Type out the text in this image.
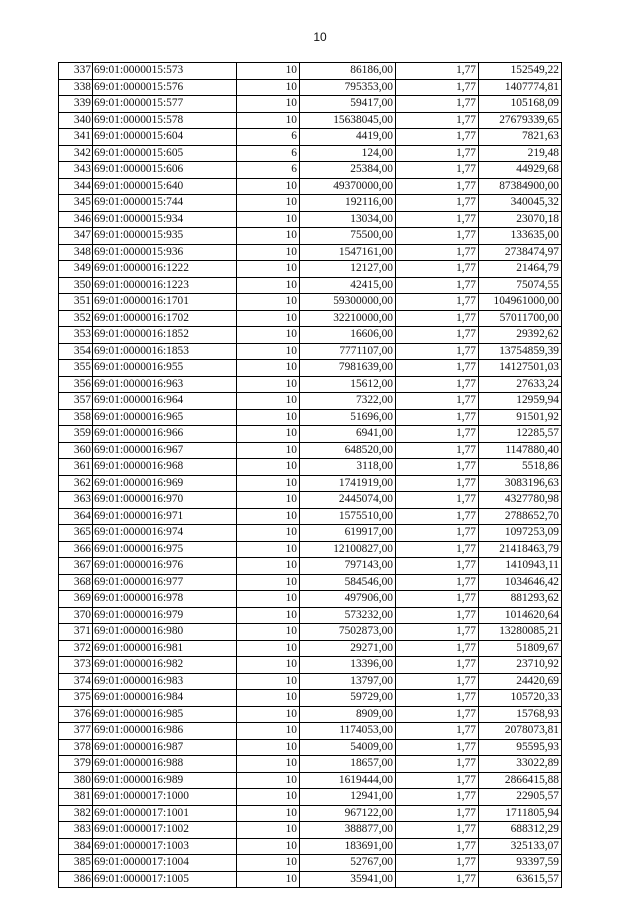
10
337	69:01:0000015:573	10	86186,00	1,77	152549,22
338	69:01:0000015:576	10	795353,00	1,77	1407774,81
339	69:01:0000015:577	10	59417,00	1,77	105168,09
340	69:01:0000015:578	10	15638045,00	1,77	27679339,65
341	69:01:0000015:604	6	4419,00	1,77	7821,63
342	69:01:0000015:605	6	124,00	1,77	219,48
343	69:01:0000015:606	6	25384,00	1,77	44929,68
344	69:01:0000015:640	10	49370000,00	1,77	87384900,00
345	69:01:0000015:744	10	192116,00	1,77	340045,32
346	69:01:0000015:934	10	13034,00	1,77	23070,18
347	69:01:0000015:935	10	75500,00	1,77	133635,00
348	69:01:0000015:936	10	1547161,00	1,77	2738474,97
349	69:01:0000016:1222	10	12127,00	1,77	21464,79
350	69:01:0000016:1223	10	42415,00	1,77	75074,55
351	69:01:0000016:1701	10	59300000,00	1,77	104961000,00
352	69:01:0000016:1702	10	32210000,00	1,77	57011700,00
353	69:01:0000016:1852	10	16606,00	1,77	29392,62
354	69:01:0000016:1853	10	7771107,00	1,77	13754859,39
355	69:01:0000016:955	10	7981639,00	1,77	14127501,03
356	69:01:0000016:963	10	15612,00	1,77	27633,24
357	69:01:0000016:964	10	7322,00	1,77	12959,94
358	69:01:0000016:965	10	51696,00	1,77	91501,92
359	69:01:0000016:966	10	6941,00	1,77	12285,57
360	69:01:0000016:967	10	648520,00	1,77	1147880,40
361	69:01:0000016:968	10	3118,00	1,77	5518,86
362	69:01:0000016:969	10	1741919,00	1,77	3083196,63
363	69:01:0000016:970	10	2445074,00	1,77	4327780,98
364	69:01:0000016:971	10	1575510,00	1,77	2788652,70
365	69:01:0000016:974	10	619917,00	1,77	1097253,09
366	69:01:0000016:975	10	12100827,00	1,77	21418463,79
367	69:01:0000016:976	10	797143,00	1,77	1410943,11
368	69:01:0000016:977	10	584546,00	1,77	1034646,42
369	69:01:0000016:978	10	497906,00	1,77	881293,62
370	69:01:0000016:979	10	573232,00	1,77	1014620,64
371	69:01:0000016:980	10	7502873,00	1,77	13280085,21
372	69:01:0000016:981	10	29271,00	1,77	51809,67
373	69:01:0000016:982	10	13396,00	1,77	23710,92
374	69:01:0000016:983	10	13797,00	1,77	24420,69
375	69:01:0000016:984	10	59729,00	1,77	105720,33
376	69:01:0000016:985	10	8909,00	1,77	15768,93
377	69:01:0000016:986	10	1174053,00	1,77	2078073,81
378	69:01:0000016:987	10	54009,00	1,77	95595,93
379	69:01:0000016:988	10	18657,00	1,77	33022,89
380	69:01:0000016:989	10	1619444,00	1,77	2866415,88
381	69:01:0000017:1000	10	12941,00	1,77	22905,57
382	69:01:0000017:1001	10	967122,00	1,77	1711805,94
383	69:01:0000017:1002	10	388877,00	1,77	688312,29
384	69:01:0000017:1003	10	183691,00	1,77	325133,07
385	69:01:0000017:1004	10	52767,00	1,77	93397,59
386	69:01:0000017:1005	10	35941,00	1,77	63615,57
